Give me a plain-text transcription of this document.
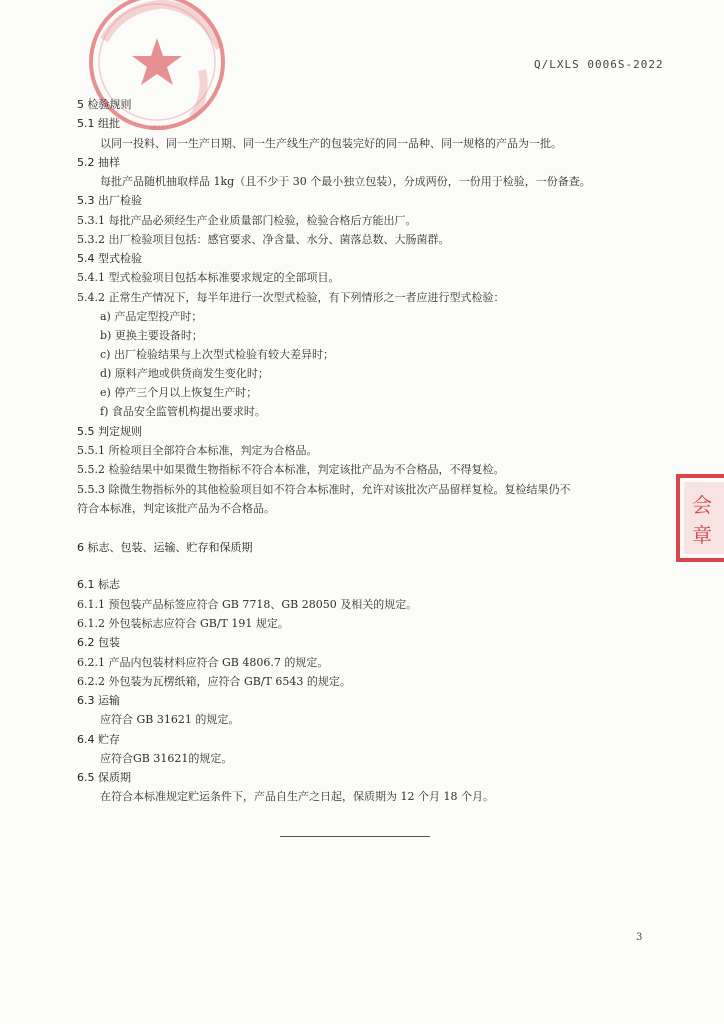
0511?
Q/LXLS 0006S-2022
5 检验规则
5.1 组批
以同一投料、同一生产日期、同一生产线生产的包装完好的同一品种、同一规格的产品为一批。
5.2 抽样
每批产品随机抽取样品 1kg（且不少于 30 个最小独立包装），分成两份，一份用于检验，一份备查。
5.3 出厂检验
5.3.1 每批产品必须经生产企业质量部门检验，检验合格后方能出厂。
5.3.2 出厂检验项目包括：感官要求、净含量、水分、菌落总数、大肠菌群。
5.4 型式检验
5.4.1 型式检验项目包括本标准要求规定的全部项目。
5.4.2 正常生产情况下，每半年进行一次型式检验，有下列情形之一者应进行型式检验：
a) 产品定型投产时；
b) 更换主要设备时；
c) 出厂检验结果与上次型式检验有较大差异时；
d) 原料产地或供货商发生变化时；
e) 停产三个月以上恢复生产时；
f) 食品安全监管机构提出要求时。
5.5 判定规则
5.5.1 所检项目全部符合本标准，判定为合格品。
5.5.2 检验结果中如果微生物指标不符合本标准，判定该批产品为不合格品，不得复检。
5.5.3 除微生物指标外的其他检验项目如不符合本标准时，允许对该批次产品留样复检。复检结果仍不
符合本标准，判定该批产品为不合格品。
6 标志、包装、运输、贮存和保质期
6.1 标志
6.1.1 预包装产品标签应符合 GB 7718、GB 28050 及相关的规定。
6.1.2 外包装标志应符合 GB/T 191 规定。
6.2 包装
6.2.1 产品内包装材料应符合 GB 4806.7 的规定。
6.2.2 外包装为瓦楞纸箱，应符合 GB/T 6543 的规定。
6.3 运输
应符合 GB 31621 的规定。
6.4 贮存
应符合GB 31621的规定。
6.5 保质期
在符合本标准规定贮运条件下，产品自生产之日起，保质期为 12 个月 18 个月。
会
章
3
